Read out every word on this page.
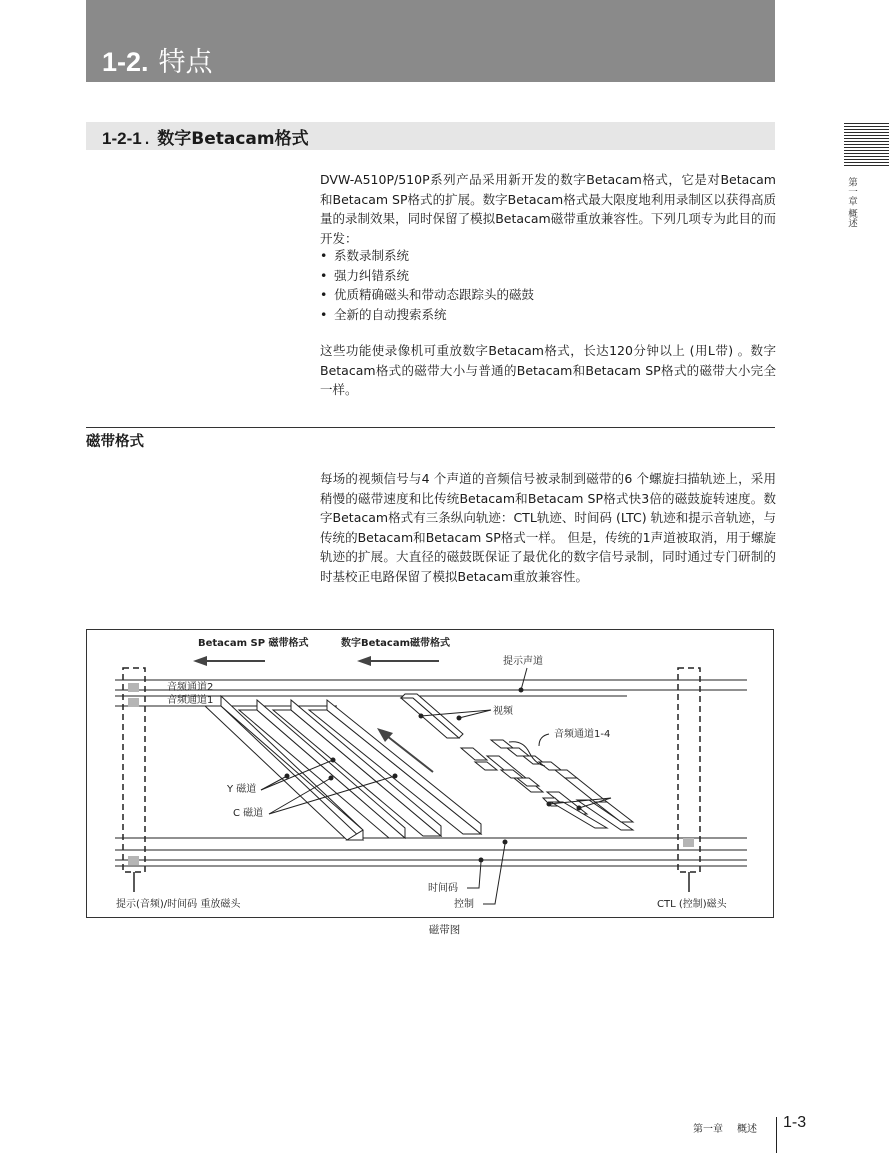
1-2. 特点
1-2-1 . 数字Betacam格式
第一章 概述

DVW-A510P/510P系列产品采用新开发的数字Betacam格式，它是对Betacam和Betacam SP格式的扩展。数字Betacam格式最大限度地利用录制区以获得高质量的录制效果，同时保留了模拟Betacam磁带重放兼容性。下列几项专为此目的而开发：

• 系数录制系统
• 强力纠错系统
• 优质精确磁头和带动态跟踪头的磁鼓
• 全新的自动搜索系统

这些功能使录像机可重放数字Betacam格式，长达120分钟以上 (用L带) 。数字Betacam格式的磁带大小与普通的Betacam和Betacam SP格式的磁带大小完全一样。

磁带格式

每场的视频信号与4 个声道的音频信号被录制到磁带的6 个螺旋扫描轨迹上，采用稍慢的磁带速度和比传统Betacam和Betacam SP格式快3倍的磁鼓旋转速度。数字Betacam格式有三条纵向轨迹：CTL轨迹、时间码 (LTC) 轨迹和提示音轨迹，与传统的Betacam和Betacam SP格式一样。 但是，传统的1声道被取消，用于螺旋轨迹的扩展。大直径的磁鼓既保证了最优化的数字信号录制，同时通过专门研制的时基校正电路保留了模拟Betacam重放兼容性。

Betacam SP 磁带格式	数字Betacam磁带格式
提示声道
音频通道2
音频通道1
视频
音频通道1-4
Y 磁道
C 磁道
时间码
控制
提示(音频)/时间码 重放磁头	CTL (控制)磁头
磁带图
第一章 概述 1-3
